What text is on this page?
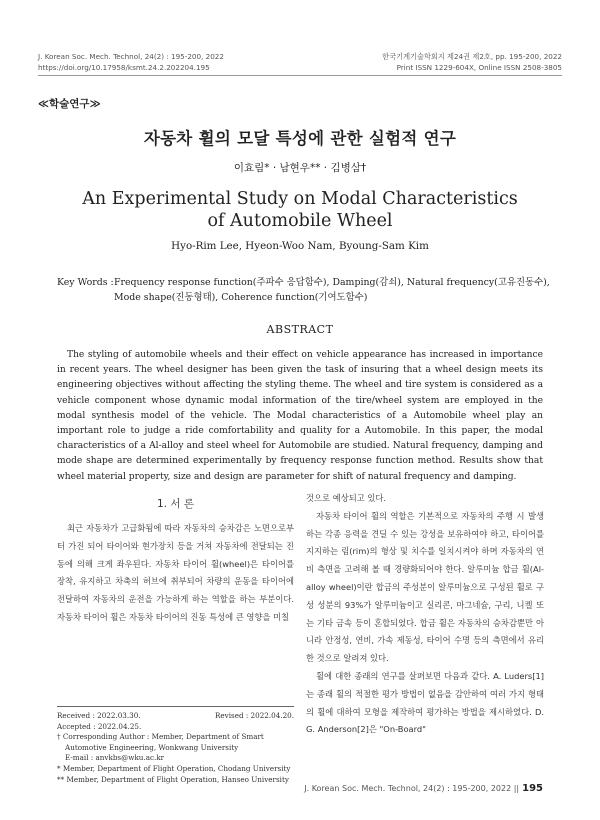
J. Korean Soc. Mech. Technol, 24(2) : 195-200, 2022
https://doi.org/10.17958/ksmt.24.2.202204.195
한국기계기술학회지 제24권 제2호, pp. 195-200, 2022
Print ISSN 1229-604X, Online ISSN 2508-3805
≪학술연구≫
자동차 휠의 모달 특성에 관한 실험적 연구
이효림* · 남현우** · 김병삼†
An Experimental Study on Modal Characteristics
of Automobile Wheel
Hyo-Rim Lee, Hyeon-Woo Nam, Byoung-Sam Kim
Key Words : Frequency response function(주파수 응답함수), Damping(감쇠), Natural frequency(고유진동수), Mode shape(진동형태), Coherence function(기여도함수)
ABSTRACT
The styling of automobile wheels and their effect on vehicle appearance has increased in importance in recent years. The wheel designer has been given the task of insuring that a wheel design meets its engineering objectives without affecting the styling theme. The wheel and tire system is considered as a vehicle component whose dynamic modal information of the tire/wheel system are employed in the modal synthesis model of the vehicle. The Modal characteristics of a Automobile wheel play an important role to judge a ride comfortability and quality for a Automobile. In this paper, the modal characteristics of a Al-alloy and steel wheel for Automobile are studied. Natural frequency, damping and mode shape are determined experimentally by frequency response function method. Results show that wheel material property, size and design are parameter for shift of natural frequency and damping.
1. 서 론

최근 자동차가 고급화됨에 따라 자동차의 승차감은 노면으로부터 가진 되어 타이어와 현가장치 등을 거쳐 자동차에 전달되는 진동에 의해 크게 좌우된다. 자동차 타이어 휠(wheel)은 타이어를 장착, 유지하고 차축의 허브에 취부되어 차량의 운동을 타이어에 전달하여 자동차의 운전을 가능하게 하는 역할을 하는 부분이다. 자동차 타이어 휠은 자동차 타이어의 진동 특성에 큰 영향을 미칠

것으로 예상되고 있다.

자동차 타이어 휠의 역할은 기본적으로 자동차의 주행 시 발생하는 각종 응력을 견딜 수 있는 강성을 보유하여야 하고, 타이어를 지지하는 림(rim)의 형상 및 치수를 일치시켜야 하며 자동차의 연비 측면을 고려해 볼 때 경량화되어야 한다. 알루미늄 합금 휠(Al-alloy wheel)이란 합금의 주성분이 알루미늄으로 구성된 휠로 구성 성분의 93%가 알루미늄이고 실리콘, 마그네슘, 구리, 니켈 또는 기타 금속 등이 혼합되었다. 합금 휠은 자동차의 승차감뿐만 아니라 안정성, 연비, 가속 제동성, 타이어 수명 등의 측면에서 유리한 것으로 알려져 있다.

휠에 대한 종래의 연구를 살펴보면 다음과 같다. A. Luders[1]는 종래 휠의 적절한 평가 방법이 없음을 감안하여 여러 가지 형태의 휠에 대하여 모형을 제작하여 평가하는 방법을 제시하였다. D. G. Anderson[2]은 "On-Board"

Received : 2022.03.30.	Revised : 2022.04.20.
Accepted : 2022.04.25.
† Corresponding Author : Member, Department of Smart
Automotive Engineering, Wonkwang University
E-mail : anvkbs@wku.ac.kr
* Member, Department of Flight Operation, Chodang University
** Member, Department of Flight Operation, Hanseo University
J. Korean Soc. Mech. Technol, 24(2) : 195-200, 2022 || 195
